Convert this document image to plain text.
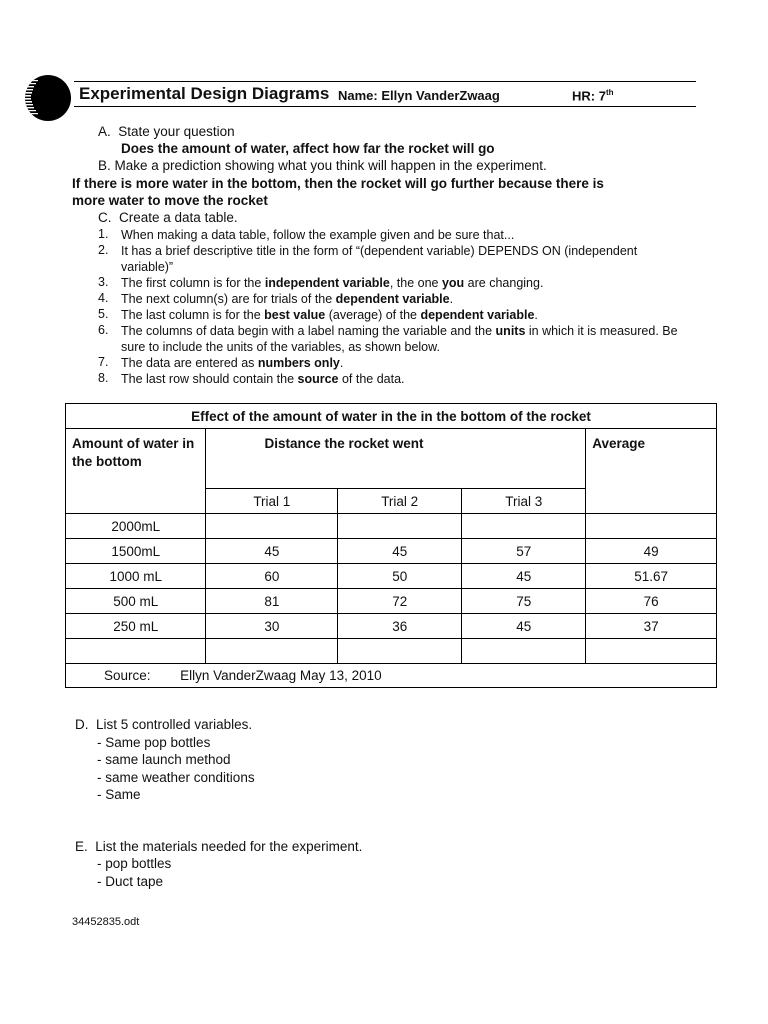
Experimental Design Diagrams Name: Ellyn VanderZwaag	HR: 7th
A. State your question
Does the amount of water, affect how far the rocket will go
B. Make a prediction showing what you think will happen in the experiment.
If there is more water in the bottom, then the rocket will go further because there is
more water to move the rocket
C. Create a data table.
1.	When making a data table, follow the example given and be sure that...
2.	It has a brief descriptive title in the form of “(dependent variable) DEPENDS ON (independent variable)”
3.	The first column is for the independent variable, the one you are changing.
4.	The next column(s) are for trials of the dependent variable.
5.	The last column is for the best value (average) of the dependent variable.
6.	The columns of data begin with a label naming the variable and the units in which it is measured. Be sure to include the units of the variables, as shown below.
7.	The data are entered as numbers only.
8.	The last row should contain the source of the data.
Effect of the amount of water in the in the bottom of the rocket				
Amount of water in the bottom	Distance the rocket went			Average
	Trial 1	Trial 2	Trial 3	
2000mL				
1500mL	45	45	57	49
1000 mL	60	50	45	51.67
500 mL	81	72	75	76
250 mL	30	36	45	37

Source: Ellyn VanderZwaag May 13, 2010				
D. List 5 controlled variables.
- Same pop bottles
- same launch method
- same weather conditions
- Same
E. List the materials needed for the experiment.
- pop bottles
- Duct tape
34452835.odt
